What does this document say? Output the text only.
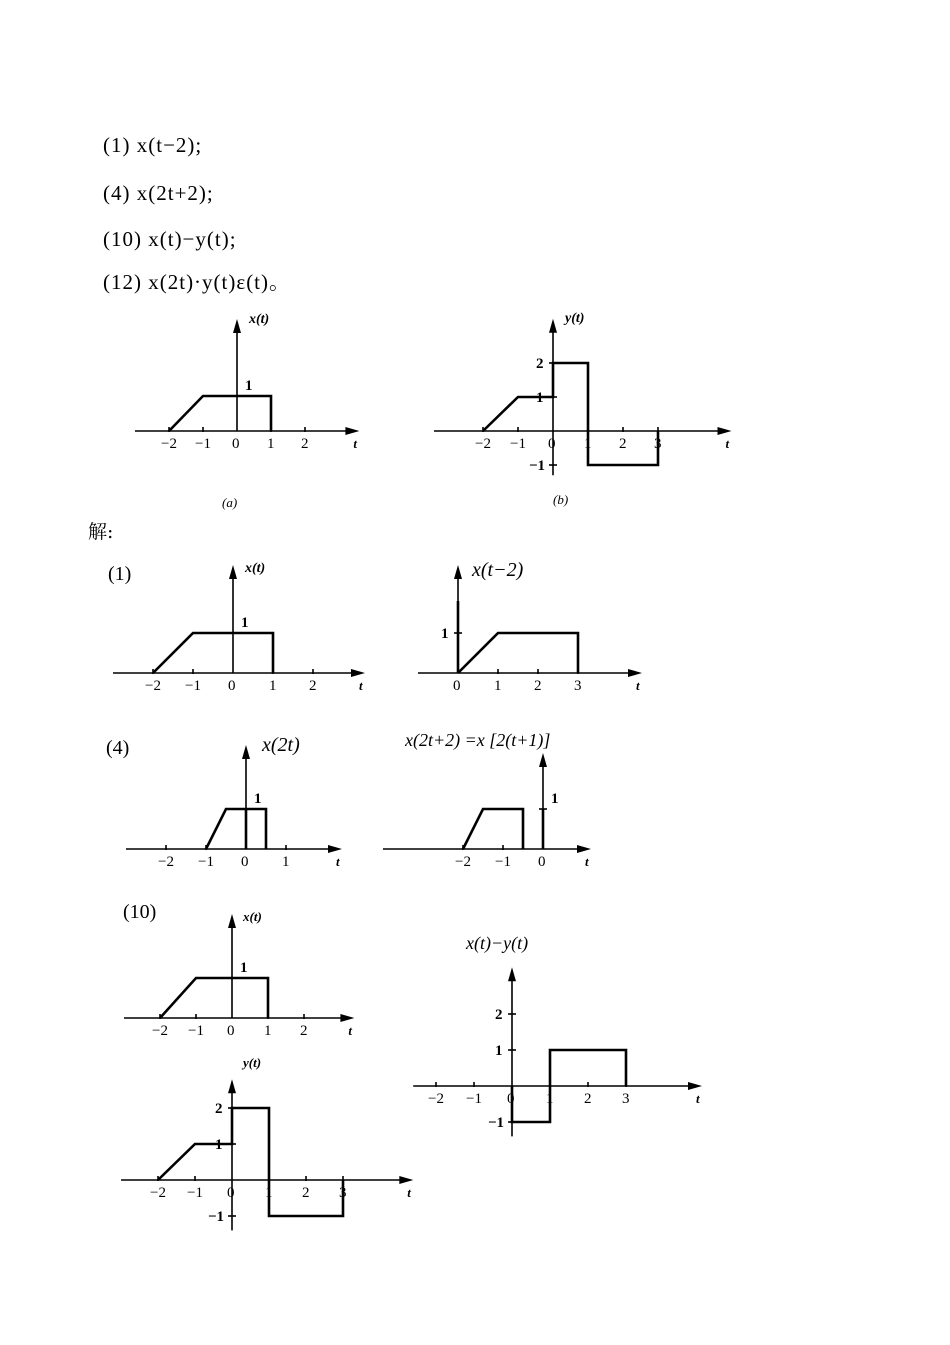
(1) x(t−2);
(4) x(2t+2);
(10) x(t)−y(t);
(12) x(2t)·y(t)ε(t)。
解:
(1)
(4)
(10)
(a)	(b)
x(t)	y(t)
x(t)	x(t−2)
x(2t)	x(2t+2) =x [2(t+1)]
x(t)
y(t)
x(t)−y(t)
t
−2 −1 0 1 2
1
t
−2 −1 0 1 2 3
2
1
−1
t
−2 −1 0 1 2
1
t
0 1 2 3
1
t
−2 −1 0 1
1
t
−2 −1 0
1
t
−2 −1 0 1 2
1
t
−2 −1 0 1 2 3
2
1
−1
t
−2 −1 0 1 2 3
2
1
−1
